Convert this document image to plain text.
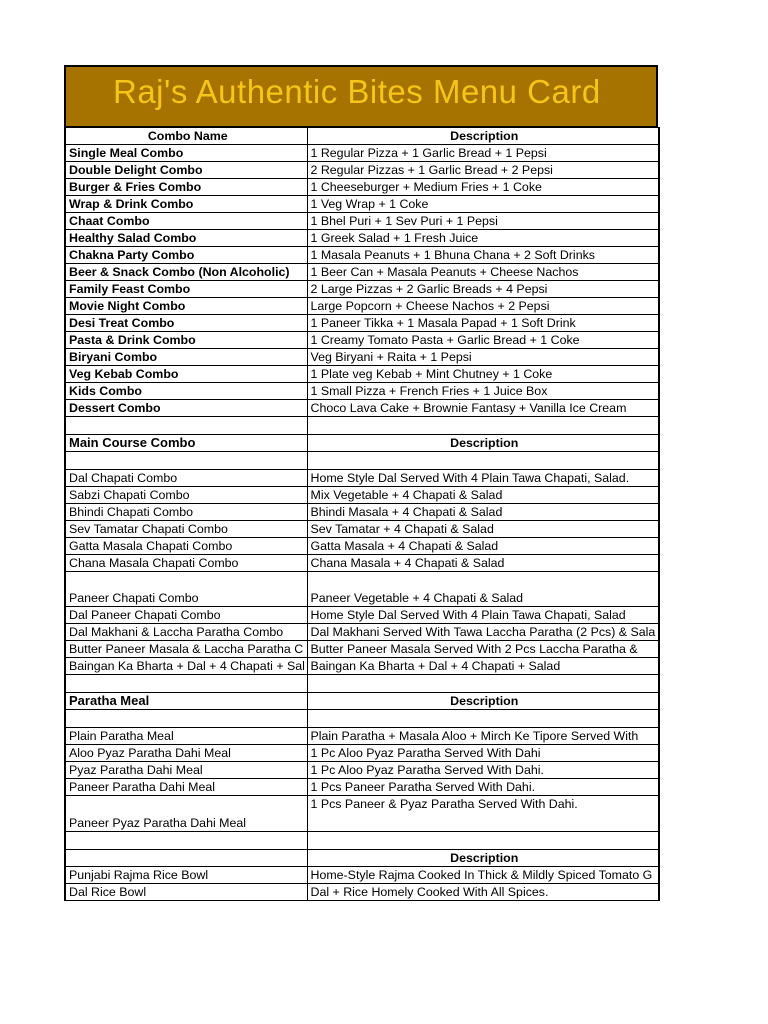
Raj's Authentic Bites Menu Card
Combo Name	Description
Single Meal Combo	1 Regular Pizza + 1 Garlic Bread + 1 Pepsi
Double Delight Combo	2 Regular Pizzas + 1 Garlic Bread + 2 Pepsi
Burger & Fries Combo	1 Cheeseburger + Medium Fries + 1 Coke
Wrap & Drink Combo	1 Veg Wrap + 1 Coke
Chaat Combo	1 Bhel Puri + 1 Sev Puri + 1 Pepsi
Healthy Salad Combo	1 Greek Salad + 1 Fresh Juice
Chakna Party Combo	1 Masala Peanuts + 1 Bhuna Chana + 2 Soft Drinks
Beer & Snack Combo (Non Alcoholic)	1 Beer Can + Masala Peanuts + Cheese Nachos
Family Feast Combo	2 Large Pizzas + 2 Garlic Breads + 4 Pepsi
Movie Night Combo	Large Popcorn + Cheese Nachos + 2 Pepsi
Desi Treat Combo	1 Paneer Tikka + 1 Masala Papad + 1 Soft Drink
Pasta & Drink Combo	1 Creamy Tomato Pasta + Garlic Bread + 1 Coke
Biryani Combo	Veg Biryani + Raita + 1 Pepsi
Veg Kebab Combo	1 Plate veg Kebab + Mint Chutney + 1 Coke
Kids Combo	1 Small Pizza + French Fries + 1 Juice Box
Dessert Combo	Choco Lava Cake + Brownie Fantasy + Vanilla Ice Cream

Main Course Combo	Description

Dal Chapati Combo	Home Style Dal Served With 4 Plain Tawa Chapati, Salad.
Sabzi Chapati Combo	Mix Vegetable + 4 Chapati & Salad
Bhindi Chapati Combo	Bhindi Masala + 4 Chapati & Salad
Sev Tamatar Chapati Combo	Sev Tamatar + 4 Chapati & Salad
Gatta Masala Chapati Combo	Gatta Masala + 4 Chapati & Salad
Chana Masala Chapati Combo	Chana Masala + 4 Chapati & Salad
Paneer Chapati Combo	Paneer Vegetable + 4 Chapati & Salad
Dal Paneer Chapati Combo	Home Style Dal Served With 4 Plain Tawa Chapati, Salad
Dal Makhani & Laccha Paratha Combo	Dal Makhani Served With Tawa Laccha Paratha (2 Pcs) & Sala
Butter Paneer Masala & Laccha Paratha C	Butter Paneer Masala Served With 2 Pcs Laccha Paratha &
Baingan Ka Bharta + Dal + 4 Chapati + Sal	Baingan Ka Bharta + Dal + 4 Chapati + Salad

Paratha Meal	Description

Plain Paratha Meal	Plain Paratha + Masala Aloo + Mirch Ke Tipore Served With
Aloo Pyaz Paratha Dahi Meal	1 Pc Aloo Pyaz Paratha Served With Dahi
Pyaz Paratha Dahi Meal	1 Pc Aloo Pyaz Paratha Served With Dahi.
Paneer Paratha Dahi Meal	1 Pcs Paneer Paratha Served With Dahi.
Paneer Pyaz Paratha Dahi Meal	1 Pcs Paneer & Pyaz Paratha Served With Dahi.

	Description
Punjabi Rajma Rice Bowl	Home-Style Rajma Cooked In Thick & Mildly Spiced Tomato G
Dal Rice Bowl	Dal + Rice Homely Cooked With All Spices.
